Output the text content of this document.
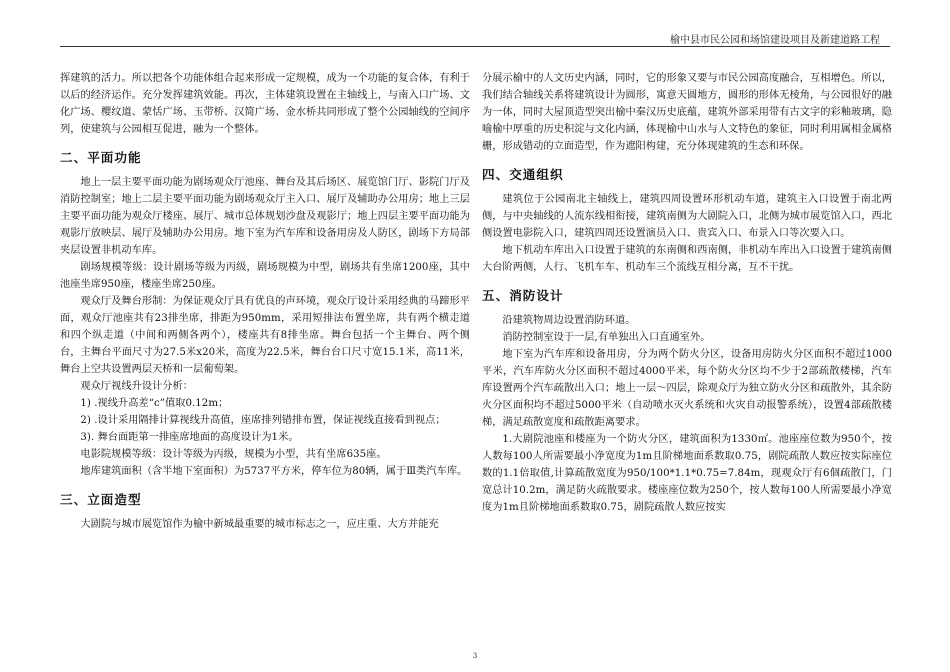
榆中县市民公园和场馆建设项目及新建道路工程

挥建筑的活力。所以把各个功能体组合起来形成一定规模，成为一个功能的复合体，有利于以后的经济运作。充分发挥建筑效能。再次，主体建筑设置在主轴线上，与南入口广场、文化广场、樱纹道、蒙恬广场、玉带桥、汉简广场、金水桥共同形成了整个公园轴线的空间序列，使建筑与公园相互促进，融为一个整体。

二、平面功能

地上一层主要平面功能为剧场观众厅池座、舞台及其后场区、展览馆门厅、影院门厅及消防控制室；地上二层主要平面功能为剧场观众厅主入口、展厅及辅助办公用房；地上三层主要平面功能为观众厅楼座、展厅、城市总体规划沙盘及观影厅；地上四层主要平面功能为观影厅放映层、展厅及辅助办公用房。地下室为汽车库和设备用房及人防区，剧场下方局部夹层设置非机动车库。

剧场规模等级：设计剧场等级为丙级，剧场规模为中型，剧场共有坐席1200座，其中池座坐席950座，楼座坐席250座。

观众厅及舞台形制：为保证观众厅具有优良的声环境，观众厅设计采用经典的马蹄形平面，观众厅池座共有23排坐席，排距为950mm，采用短排法布置坐席，共有两个横走道和四个纵走道（中间和两侧各两个），楼座共有8排坐席。舞台包括一个主舞台、两个侧台，主舞台平面尺寸为27.5米x20米，高度为22.5米，舞台台口尺寸宽15.1米，高11米，舞台上空共设置两层天桥和一层葡萄架。

观众厅视线升设计分析：

1) .视线升高差“c”值取0.12m；

2) .设计采用隔排计算视线升高值，座席排列错排布置，保证视线直接看到视点；

3). 舞台面距第一排座席地面的高度设计为1米。

电影院规模等级：设计等级为丙级，规模为小型，共有坐席635座。

地库建筑面积（含半地下室面积）为5737平方米，停车位为80辆，属于Ⅲ类汽车库。

三、立面造型

大剧院与城市展览馆作为榆中新城最重要的城市标志之一，应庄重、大方并能充

分展示榆中的人文历史内涵，同时，它的形象又要与市民公园高度融合，互相增色。所以，我们结合轴线关系将建筑设计为圆形，寓意天圆地方，圆形的形体无棱角，与公园很好的融为一体，同时大屋顶造型突出榆中秦汉历史底蕴，建筑外部采用带有古文字的彩釉玻璃，隐喻榆中厚重的历史积淀与文化内涵，体现榆中山水与人文特色的象征，同时利用属相金属格栅，形成错动的立面造型，作为遮阳构建，充分体现建筑的生态和环保。

四、交通组织

建筑位于公园南北主轴线上，建筑四周设置环形机动车道，建筑主入口设置于南北两侧，与中央轴线的人流东线相衔接，建筑南侧为大剧院入口，北侧为城市展览馆入口，西北侧设置电影院入口，建筑四周还设置演员入口、贵宾入口、布景入口等次要入口。

地下机动车库出入口设置于建筑的东南侧和西南侧，非机动车库出入口设置于建筑南侧大台阶两侧，人行、飞机车车、机动车三个流线互相分离，互不干扰。

五、消防设计

沿建筑物周边设置消防环道。

消防控制室设于一层,有单独出入口直通室外。

地下室为汽车库和设备用房，分为两个防火分区，设备用房防火分区面积不超过1000平米，汽车库防火分区面积不超过4000平米，每个防火分区均不少于2部疏散楼梯，汽车库设置两个汽车疏散出入口；地上一层～四层，除观众厅为独立防火分区和疏散外，其余防火分区面积均不超过5000平米（自动喷水灭火系统和火灾自动报警系统），设置4部疏散楼梯，满足疏散宽度和疏散距离要求。

1.大剧院池座和楼座为一个防火分区，建筑面积为1330㎡。池座座位数为950个，按人数每100人所需要最小净宽度为1m且阶梯地面系数取0.75，剧院疏散人数应按实际座位数的1.1倍取值,计算疏散宽度为950/100*1.1*0.75=7.84m，现观众厅有6個疏散门，门宽总计10.2m，满足防火疏散要求。楼座座位数为250个，按人数每100人所需要最小净宽度为1m且阶梯地面系数取0.75，剧院疏散人数应按实

3
